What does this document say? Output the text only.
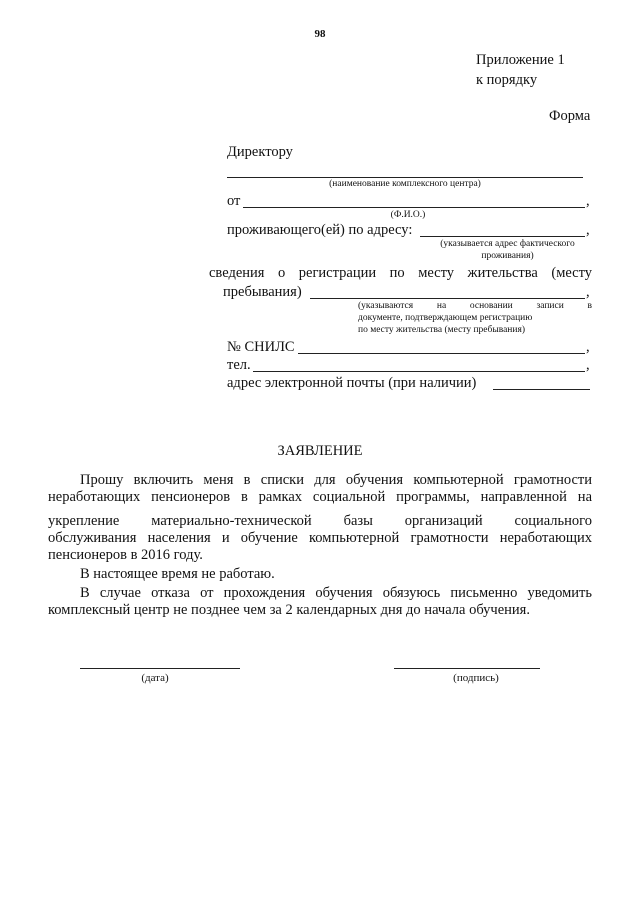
98
Приложение 1
к порядку
Форма
Директору
(наименование комплексного центра)
от	,
(Ф.И.О.)
проживающего(ей) по адресу:	,
(указывается адрес фактического
проживания)
сведения о регистрации по месту жительства (месту
пребывания)	,
(указываются на основании записи в
документе, подтверждающем регистрацию
по месту жительства (месту пребывания)
№ СНИЛС	,
тел.	,
адрес электронной почты (при наличии)
ЗАЯВЛЕНИЕ
Прошу включить меня в списки для обучения компьютерной грамотности
неработающих пенсионеров в рамках социальной программы, направленной на
укрепление материально-технической базы организаций социального
обслуживания населения и обучение компьютерной грамотности неработающих
пенсионеров в 2016 году.
В настоящее время не работаю.
В случае отказа от прохождения обучения обязуюсь письменно уведомить
комплексный центр не позднее чем за 2 календарных дня до начала обучения.
(дата)	(подпись)
